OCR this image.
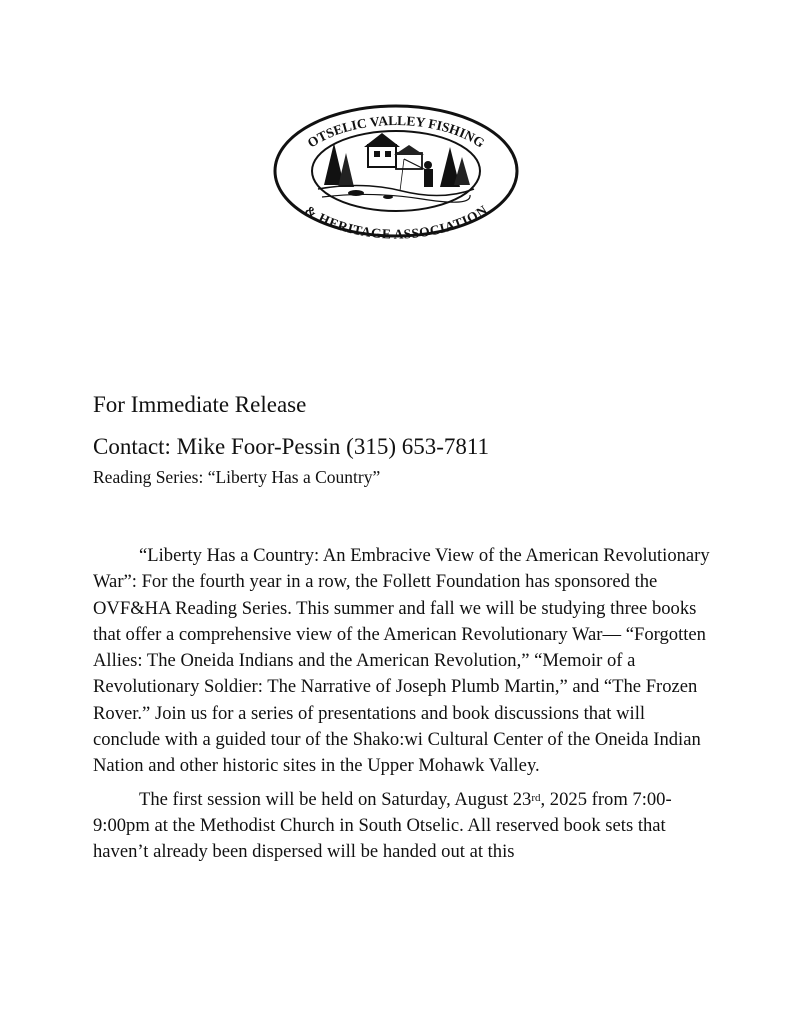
OTSELIC VALLEY FISHING
& HERITAGE ASSOCIATION

For Immediate Release

Contact: Mike Foor-Pessin (315) 653-7811

Reading Series: “Liberty Has a Country”

“Liberty Has a Country: An Embracive View of the American Revolutionary War”: For the fourth year in a row, the Follett Foundation has sponsored the OVF&HA Reading Series. This summer and fall we will be studying three books that offer a comprehensive view of the American Revolutionary War— “Forgotten Allies: The Oneida Indians and the American Revolution,” “Memoir of a Revolutionary Soldier: The Narrative of Joseph Plumb Martin,” and “The Frozen Rover.” Join us for a series of presentations and book discussions that will conclude with a guided tour of the Shako:wi Cultural Center of the Oneida Indian Nation and other historic sites in the Upper Mohawk Valley.

The first session will be held on Saturday, August 23rd, 2025 from 7:00-9:00pm at the Methodist Church in South Otselic. All reserved book sets that haven’t already been dispersed will be handed out at this
